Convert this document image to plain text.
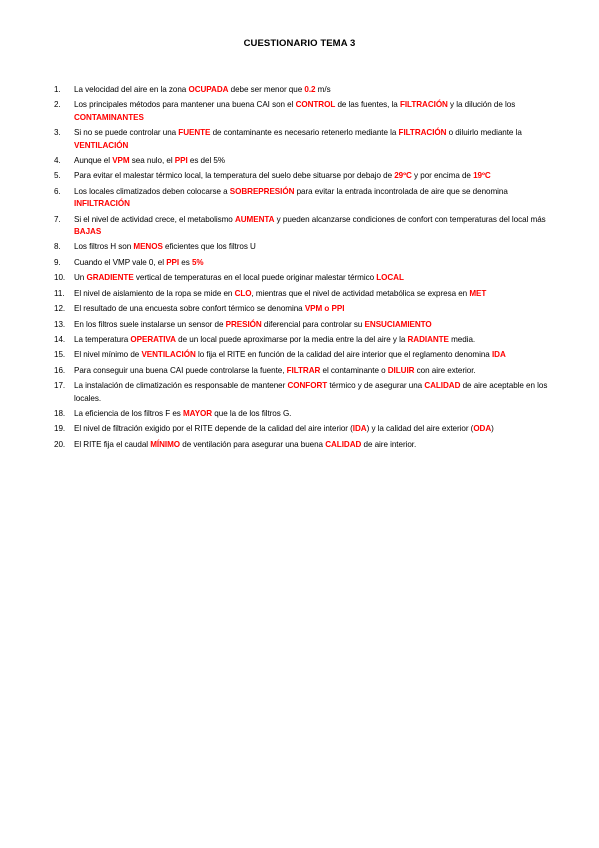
CUESTIONARIO TEMA 3
1.	La velocidad del aire en la zona OCUPADA debe ser menor que 0.2 m/s
2.	Los principales métodos para mantener una buena CAI son el CONTROL de las fuentes, la FILTRACIÓN y la dilución de los CONTAMINANTES
3.	Si no se puede controlar una FUENTE de contaminante es necesario retenerlo mediante la FILTRACIÓN o diluirlo mediante la VENTILACIÓN
4.	Aunque el VPM sea nulo, el PPI es del 5%
5.	Para evitar el malestar térmico local, la temperatura del suelo debe situarse por debajo de 29ºC y por encima de 19ºC
6.	Los locales climatizados deben colocarse a SOBREPRESIÓN para evitar la entrada incontrolada de aire que se denomina INFILTRACIÓN
7.	Si el nivel de actividad crece, el metabolismo AUMENTA y pueden alcanzarse condiciones de confort con temperaturas del local más BAJAS
8.	Los filtros H son MENOS eficientes que los filtros U
9.	Cuando el VMP vale 0, el PPI es 5%
10.	Un GRADIENTE vertical de temperaturas en el local puede originar malestar térmico LOCAL
11.	El nivel de aislamiento de la ropa se mide en CLO, mientras que el nivel de actividad metabólica se expresa en MET
12.	El resultado de una encuesta sobre confort térmico se denomina VPM o PPI
13.	En los filtros suele instalarse un sensor de PRESIÓN diferencial para controlar su ENSUCIAMIENTO
14.	La temperatura OPERATIVA de un local puede aproximarse por la media entre la del aire y la RADIANTE media.
15.	El nivel mínimo de VENTILACIÓN lo fija el RITE en función de la calidad del aire interior que el reglamento denomina IDA
16.	Para conseguir una buena CAI puede controlarse la fuente, FILTRAR el contaminante o DILUIR con aire exterior.
17.	La instalación de climatización es responsable de mantener CONFORT térmico y de asegurar una CALIDAD de aire aceptable en los locales.
18.	La eficiencia de los filtros F es MAYOR que la de los filtros G.
19.	El nivel de filtración exigido por el RITE depende de la calidad del aire interior (IDA) y la calidad del aire exterior (ODA)
20.	El RITE fija el caudal MÍNIMO de ventilación para asegurar una buena CALIDAD de aire interior.
